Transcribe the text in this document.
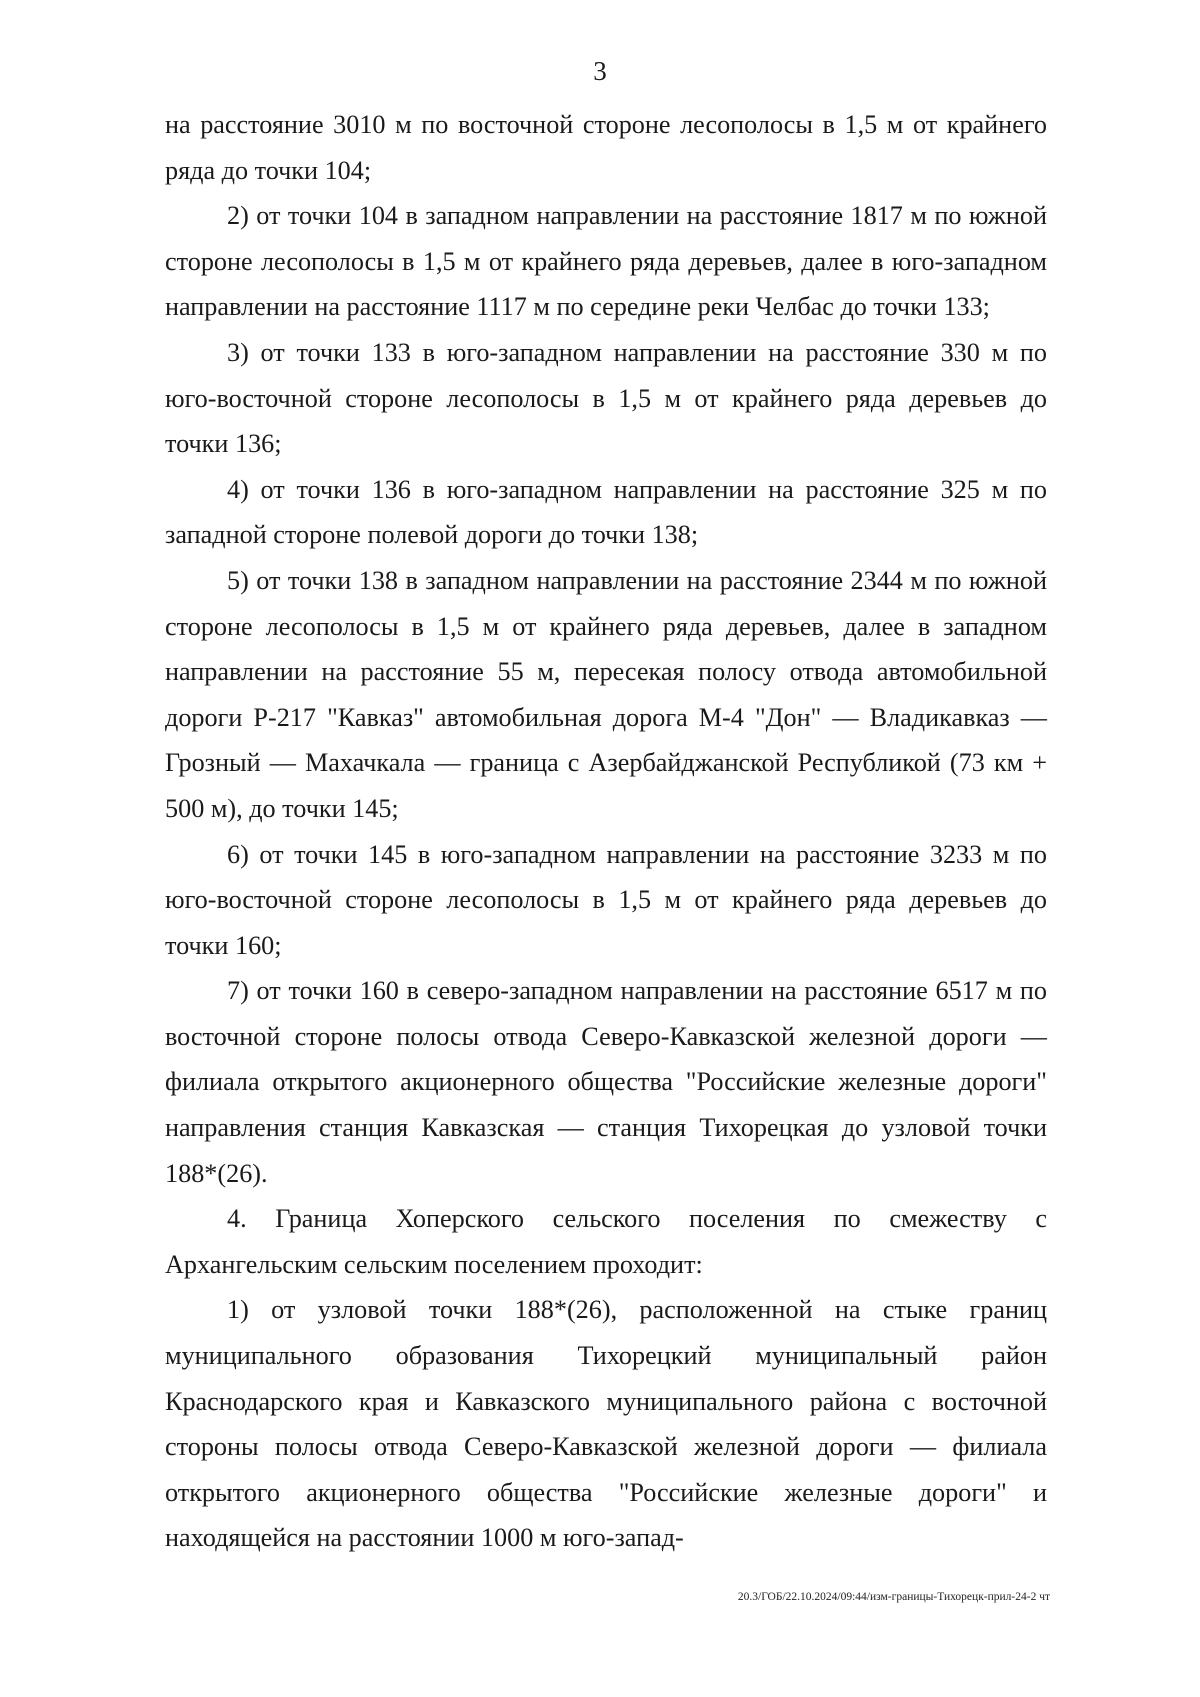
3

на расстояние 3010 м по восточной стороне лесополосы в 1,5 м от крайнего ряда до точки 104;

2) от точки 104 в западном направлении на расстояние 1817 м по южной стороне лесополосы в 1,5 м от крайнего ряда деревьев, далее в юго-западном направлении на расстояние 1117 м по середине реки Челбас до точки 133;

3) от точки 133 в юго-западном направлении на расстояние 330 м по юго-восточной стороне лесополосы в 1,5 м от крайнего ряда деревьев до точки 136;

4) от точки 136 в юго-западном направлении на расстояние 325 м по западной стороне полевой дороги до точки 138;

5) от точки 138 в западном направлении на расстояние 2344 м по южной стороне лесополосы в 1,5 м от крайнего ряда деревьев, далее в западном направлении на расстояние 55 м, пересекая полосу отвода автомобильной дороги Р-217 "Кавказ" автомобильная дорога М-4 "Дон" — Владикавказ — Грозный — Махачкала — граница с Азербайджанской Республикой (73 км + 500 м), до точки 145;

6) от точки 145 в юго-западном направлении на расстояние 3233 м по юго-восточной стороне лесополосы в 1,5 м от крайнего ряда деревьев до точки 160;

7) от точки 160 в северо-западном направлении на расстояние 6517 м по восточной стороне полосы отвода Северо-Кавказской железной дороги — филиала открытого акционерного общества "Российские железные дороги" направления станция Кавказская — станция Тихорецкая до узловой точки 188*(26).

4. Граница Хоперского сельского поселения по смежеству с Архангельским сельским поселением проходит:

1) от узловой точки 188*(26), расположенной на стыке границ муниципального образования Тихорецкий муниципальный район Краснодарского края и Кавказского муниципального района с восточной стороны полосы отвода Северо-Кавказской железной дороги — филиала открытого акционерного общества "Российские железные дороги" и находящейся на расстоянии 1000 м юго-запад-

20.3/ГОБ/22.10.2024/09:44/изм-границы-Тихорецк-прил-24-2 чт
